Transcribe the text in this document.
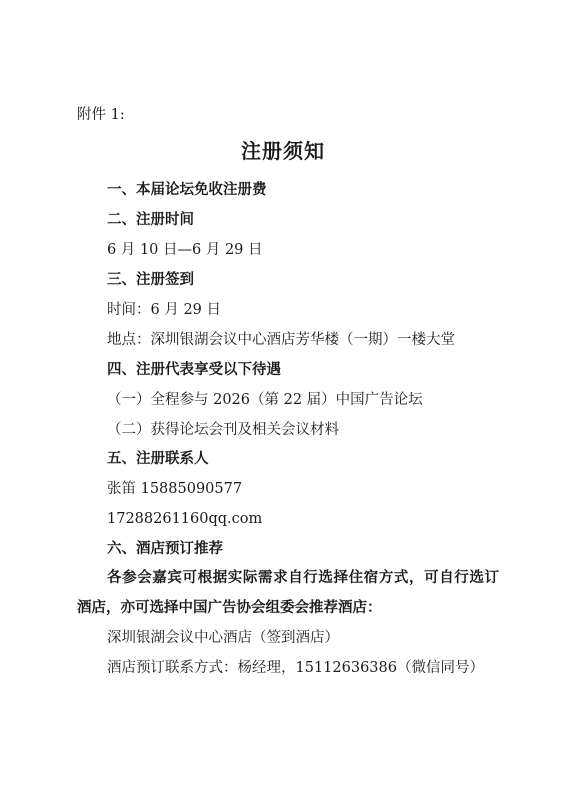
附件 1:
注册须知
一、本届论坛免收注册费
二、注册时间
6 月 10 日—6 月 29 日
三、注册签到
时间：6 月 29 日
地点：深圳银湖会议中心酒店芳华楼（一期）一楼大堂
四、注册代表享受以下待遇
（一）全程参与 2026（第 22 届）中国广告论坛
（二）获得论坛会刊及相关会议材料
五、注册联系人
张笛 15885090577
17288261160qq.com
六、酒店预订推荐
各参会嘉宾可根据实际需求自行选择住宿方式，可自行选订
酒店，亦可选择中国广告协会组委会推荐酒店：
深圳银湖会议中心酒店（签到酒店）
酒店预订联系方式：杨经理，15112636386（微信同号）
